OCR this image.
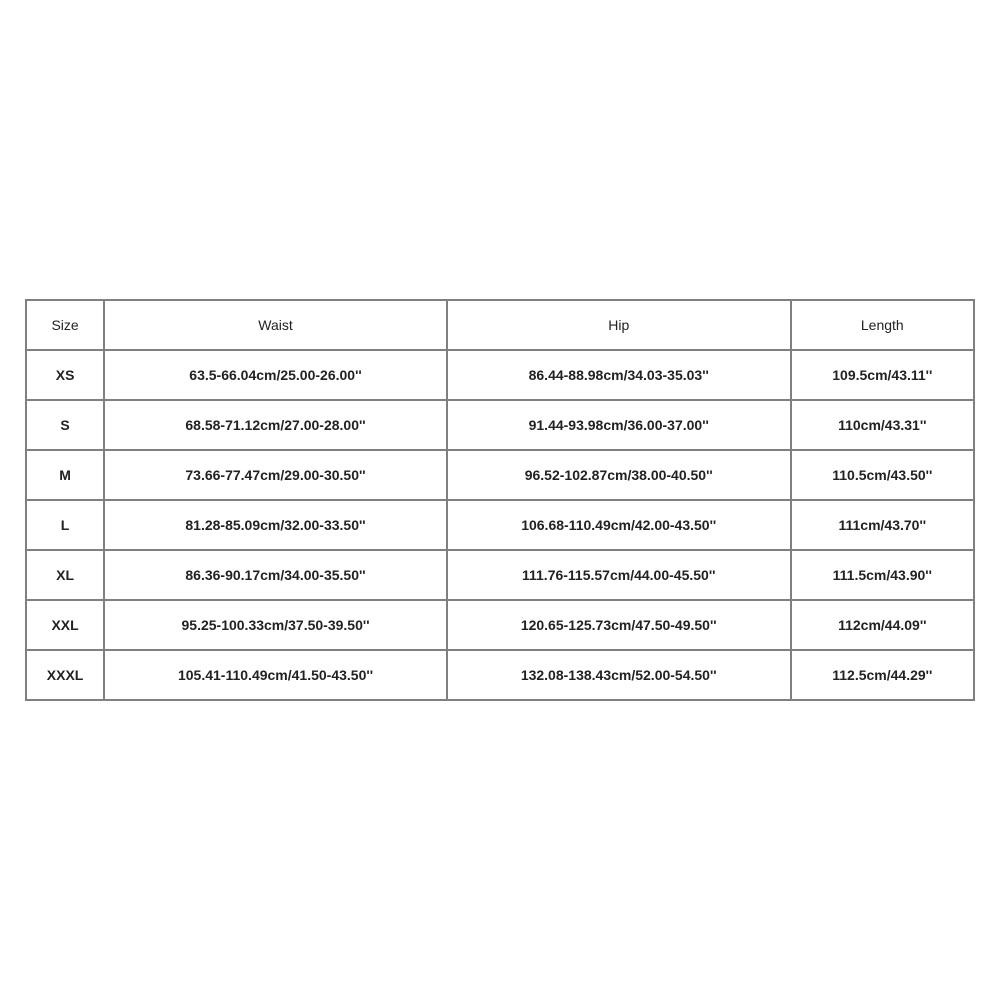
Size	Waist	Hip	Length
XS	63.5-66.04cm/25.00-26.00''	86.44-88.98cm/34.03-35.03''	109.5cm/43.11''
S	68.58-71.12cm/27.00-28.00''	91.44-93.98cm/36.00-37.00''	110cm/43.31''
M	73.66-77.47cm/29.00-30.50''	96.52-102.87cm/38.00-40.50''	110.5cm/43.50''
L	81.28-85.09cm/32.00-33.50''	106.68-110.49cm/42.00-43.50''	111cm/43.70''
XL	86.36-90.17cm/34.00-35.50''	111.76-115.57cm/44.00-45.50''	111.5cm/43.90''
XXL	95.25-100.33cm/37.50-39.50''	120.65-125.73cm/47.50-49.50''	112cm/44.09''
XXXL	105.41-110.49cm/41.50-43.50''	132.08-138.43cm/52.00-54.50''	112.5cm/44.29''
